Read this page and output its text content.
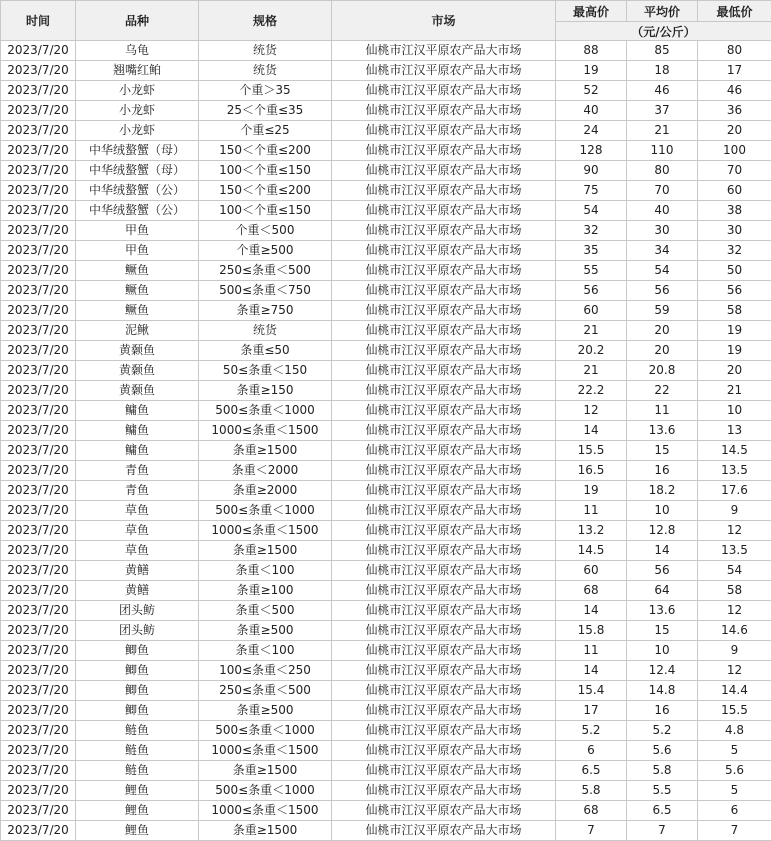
时间	品种	规格	市场	最高价	平均价	最低价
				（元/公斤）		
2023/7/20	乌龟	统货	仙桃市江汉平原农产品大市场	88	85	80
2023/7/20	翘嘴红鲌	统货	仙桃市江汉平原农产品大市场	19	18	17
2023/7/20	小龙虾	个重＞35	仙桃市江汉平原农产品大市场	52	46	46
2023/7/20	小龙虾	25＜个重≤35	仙桃市江汉平原农产品大市场	40	37	36
2023/7/20	小龙虾	个重≤25	仙桃市江汉平原农产品大市场	24	21	20
2023/7/20	中华绒螯蟹（母）	150＜个重≤200	仙桃市江汉平原农产品大市场	128	110	100
2023/7/20	中华绒螯蟹（母）	100＜个重≤150	仙桃市江汉平原农产品大市场	90	80	70
2023/7/20	中华绒螯蟹（公）	150＜个重≤200	仙桃市江汉平原农产品大市场	75	70	60
2023/7/20	中华绒螯蟹（公）	100＜个重≤150	仙桃市江汉平原农产品大市场	54	40	38
2023/7/20	甲鱼	个重＜500	仙桃市江汉平原农产品大市场	32	30	30
2023/7/20	甲鱼	个重≥500	仙桃市江汉平原农产品大市场	35	34	32
2023/7/20	鳜鱼	250≤条重＜500	仙桃市江汉平原农产品大市场	55	54	50
2023/7/20	鳜鱼	500≤条重＜750	仙桃市江汉平原农产品大市场	56	56	56
2023/7/20	鳜鱼	条重≥750	仙桃市江汉平原农产品大市场	60	59	58
2023/7/20	泥鳅	统货	仙桃市江汉平原农产品大市场	21	20	19
2023/7/20	黄颡鱼	条重≤50	仙桃市江汉平原农产品大市场	20.2	20	19
2023/7/20	黄颡鱼	50≤条重＜150	仙桃市江汉平原农产品大市场	21	20.8	20
2023/7/20	黄颡鱼	条重≥150	仙桃市江汉平原农产品大市场	22.2	22	21
2023/7/20	鳙鱼	500≤条重＜1000	仙桃市江汉平原农产品大市场	12	11	10
2023/7/20	鳙鱼	1000≤条重＜1500	仙桃市江汉平原农产品大市场	14	13.6	13
2023/7/20	鳙鱼	条重≥1500	仙桃市江汉平原农产品大市场	15.5	15	14.5
2023/7/20	青鱼	条重＜2000	仙桃市江汉平原农产品大市场	16.5	16	13.5
2023/7/20	青鱼	条重≥2000	仙桃市江汉平原农产品大市场	19	18.2	17.6
2023/7/20	草鱼	500≤条重＜1000	仙桃市江汉平原农产品大市场	11	10	9
2023/7/20	草鱼	1000≤条重＜1500	仙桃市江汉平原农产品大市场	13.2	12.8	12
2023/7/20	草鱼	条重≥1500	仙桃市江汉平原农产品大市场	14.5	14	13.5
2023/7/20	黄鳝	条重＜100	仙桃市江汉平原农产品大市场	60	56	54
2023/7/20	黄鳝	条重≥100	仙桃市江汉平原农产品大市场	68	64	58
2023/7/20	团头鲂	条重＜500	仙桃市江汉平原农产品大市场	14	13.6	12
2023/7/20	团头鲂	条重≥500	仙桃市江汉平原农产品大市场	15.8	15	14.6
2023/7/20	鲫鱼	条重＜100	仙桃市江汉平原农产品大市场	11	10	9
2023/7/20	鲫鱼	100≤条重＜250	仙桃市江汉平原农产品大市场	14	12.4	12
2023/7/20	鲫鱼	250≤条重＜500	仙桃市江汉平原农产品大市场	15.4	14.8	14.4
2023/7/20	鲫鱼	条重≥500	仙桃市江汉平原农产品大市场	17	16	15.5
2023/7/20	鲢鱼	500≤条重＜1000	仙桃市江汉平原农产品大市场	5.2	5.2	4.8
2023/7/20	鲢鱼	1000≤条重＜1500	仙桃市江汉平原农产品大市场	6	5.6	5
2023/7/20	鲢鱼	条重≥1500	仙桃市江汉平原农产品大市场	6.5	5.8	5.6
2023/7/20	鲤鱼	500≤条重＜1000	仙桃市江汉平原农产品大市场	5.8	5.5	5
2023/7/20	鲤鱼	1000≤条重＜1500	仙桃市江汉平原农产品大市场	68	6.5	6
2023/7/20	鲤鱼	条重≥1500	仙桃市江汉平原农产品大市场	7	7	7
